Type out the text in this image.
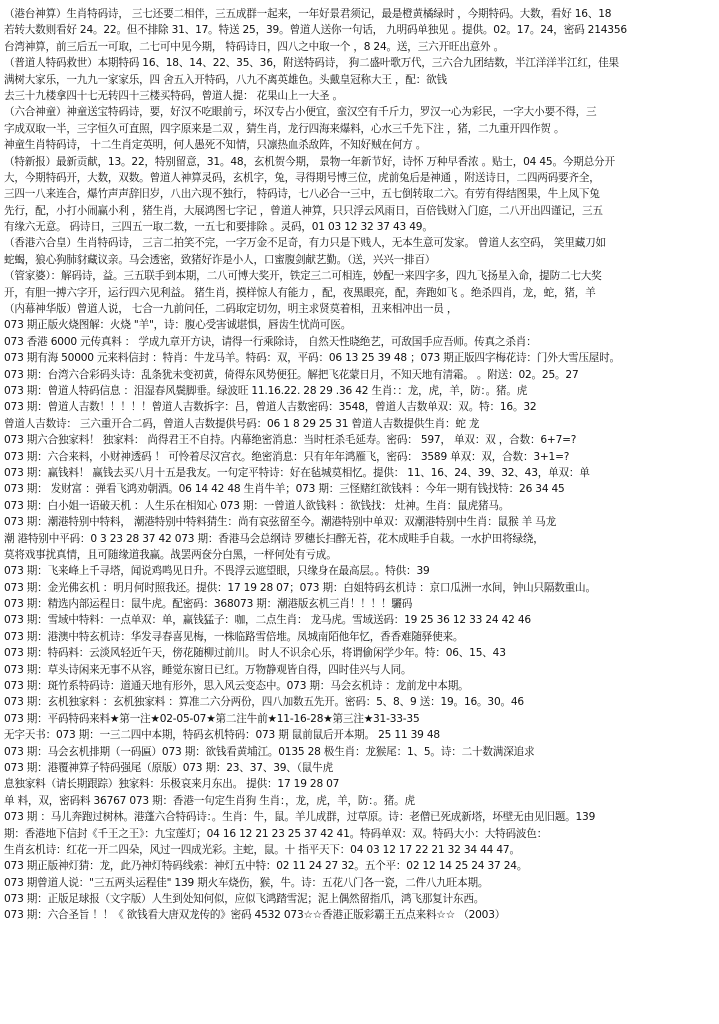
（港台神算）生肖特码诗， 三七还要二相伴，三五成群一起来，一年好景君须记，最是橙黄橘绿时 ，今期特码。大数，看好 16、18
若转大数则看好 24。22。但不排除 31、17。特送 25，39。曾道人送你一句话， 九明码单独见 。提供。02。17。24，密码 214356
台湾神算，前三后五一可取，二七可中见今期， 特码诗日，四八之中取一个 ，8 24。送，三六开旺出意外 。
（普道人特码救世）本期特码 16、18、14、22、35、36，附送特码诗， 狗二盛叶歌万代，三六合九团结数，半江洋洋半江红，佳果
满树大家乐，一九九一家家乐，四 舍五入开特码，八九不离英雄色。头戴皇冠称大王 ，配：欲钱
去三十九楼拿四十七无转四十三楼买特码，曾道人提： 花果山上一大圣 。
（六合神童）神童送宝特码诗，要，好汉不吃眼前亏，坏汉专占小便宜，蛮汉空有千斤力，罗汉一心为彩民，一字大小要不得，三
字成双取一半，三字恒久可直照，四字原来是二双 ，猜生肖，龙行四海来爆料，心水三千先下注 ，猪，二九重开四作贺 。
神童生肖特码诗， 十二生肖定英明，何人愚死不知情，只凛热血杀敌阵，不知好贼在何方 。
（特新报）最新贡献，13。22，特别留意，31。48，玄机贺今期， 景物一年新节好，诗怀 万种早香浓 。贴士，04 45。今期总分开
大，今期特码开，大数，双数。曾道人神算灵码，玄机字，兔，寻得期号博三位，虎前兔后是神通 ，附送诗日，二四两码要齐全，
三四一八来连合，爆竹声声辞旧岁，八出六现不独行， 特码诗，七八必合一三中，五七倒转取二六。有劳有得结图果，牛上凤下兔
先行，配，小打小闹赢小利 ，猪生肖，大展鸿图七字记 ，曾道人神算，只只浮云风雨日，百倍钱财入门庭，二八开出四谨记，三五
有缘六无意。 码诗日，三四五一取二数，一五七和要排除 。灵码，01 03 12 32 37 43 49。
（香港六合皇）生肖特码诗， 三言二拍笑不完，一字万金不足奇，有力只是下贱人，无本生意可发家。 曾道人玄空码， 笑里藏刀如
蛇蝎，狼心狗肺豺藏议亲。马会透密，致猪好诈是小人，口蜜腹剑献艺勤。（送，兴兴一排百）
（管家婆）：解码诗，益。三五联手到本期，二八可博大奖开，铁定三二可相连，妙配一来四字多，四九飞扬星入命，提防二七大奖
开，有胆一搏六字开，运行四六见利益。 猪生肖，摸样惊人有能力 ，配，夜黑眼亮，配，奔跑如飞 。绝杀四肖，龙，蛇，猪，羊
（内幕神华版）曾道人说， 七合一九前问任，二码取定切勿，明主求贤莫着相，丑来相冲出一员 ，
073 期正版火烧图解：火烧 "羊"，诗：腹心受害诚堪惧，唇齿生忧尚可医。
073 香港 6000 元传真料 ： 学成九章开方诀，请得一行乘除诗， 自然天性晓绝艺，可敌国手应吾师。传真之杀肖：
073 期有海 50000 元来料信封 ：特肖：牛龙马羊。特码：双，平码：06 13 25 39 48 ；073 期正版四字梅花诗：门外大雪压屋时。
073 期：台湾六合彩码头诗：乱条犹未变初黄，倚得东风势便狂。解把飞花蒙日月，不知天地有清霜。 。附送：02。25。27
073 期：曾道人特码信息 ：泪湿春风鬓脚垂。绿波旺 11.16.22. 28 29 .36 42 生肖：：龙，虎，羊，防：。猪。虎
073 期：曾道人吉数！！！！！曾道人吉数拆字：吕，曾道人吉数密码：3548，曾道人吉数单双：双。特：16。32
曾道人吉数诗： 三六重开合二码，曾道人吉数提供号码：06 1 8 29 25 31 曾道人吉数提供生肖：蛇 龙
073 期六合独家料！ 独家料： 尚得君王不自持。内幕绝密消息：当时枉杀毛延寿。密码： 597， 单双：双 ，合数：6+7=?
073 期：六合来料，小财神透码 ！ 可怜着尽汉宫衣。绝密消息：只有年年鸿雁飞，密码： 3589 单双：双，合数：3+1=?
073 期：赢钱料！ 赢钱去买八月十五是我友。一句定平特诗：好在毡城莫相忆。提供： 11、16、24、39、32、43，单双：单
073 期： 发财富 ：弹看飞鸿劝朝酒。06 14 42 48 生肖牛羊；073 期：三怪赌红欲钱料 ：今年一期有钱找特：26 34 45
073 期：白小姐一语破天机 ：人生乐在相知心 073 期：一曾道人欲钱料 ：欲钱找： 灶神。生肖：鼠虎猪马。
073 期：潮港特别中特料， 潮港特别中特料猜生：尚有哀弦留至今。潮港特别中单双：双潮港特别中生肖：鼠猴 羊 马龙
潮 港特别中平码：0 3 23 28 37 42 073 期：香港马会总纲诗 罗穗长扫醉无苔，花木成畦手自栽。一水护田将绿绕，
莫将戏事扰真情，且可随缘道我赢。战罢两奁分白黑，一枰何处有亏成。
073 期：飞来峰上千寻塔，闻说鸡鸣见日升。不畏浮云遮望眼，只缘身在最高层。。特供：39
073 期：金光佛玄机 ：明月何时照我还。提供：17 19 28 07；073 期：白姐特码玄机诗 ：京口瓜洲一水间，钟山只隔数重山。
073 期：精选内部运程日：鼠牛虎。配密码：368073 期：潮港版玄机三肖！！！！驪码
073 期：雪域中特料：一点单双：单，赢钱猛子：咖，二点生肖： 龙马虎。雪域送码：19 25 36 12 33 24 42 46
073 期：港澳中特玄机诗：华发寻春喜见梅，一株临路雪倍堆。凤城南陌他年忆，香香难随驿使来。
073 期：特码料：云淡风轻近午天，傍花随柳过前川。 时人不识余心乐，将谓偷闲学少年。特：06、15、43
073 期：草头诗闲来无事不从容，睡觉东窗日已红。万物静观皆自得，四时佳兴与人同。
073 期：斑竹系特码诗：道通天地有形外，思入风云变态中。073 期：马会玄机诗 ：龙前龙中本期。
073 期：玄机独家料 ：玄机独家料 ：算准二六分两份，四八加数五先开。密码：5、8、9 送：19。16。30。46
073 期：平码特码来料★第一注★02-05-07★第二注牛前★11-16-28★第三注★31-33-35
无字天书：073 期：一三二四中本期，特码玄机特码：073 期 鼠前鼠后开本期。 25 11 39 48
073 期：马会玄机排期（一码匾）073 期：欲钱看黄埔江。0135 28 极生肖：龙猴尾：1、5。诗：二十数满深追求
073 期：港覆神算子特码强尾（原版）073 期：23、37、39、（鼠牛虎
息独家料（请长期跟踪）独家料：乐极哀来月东出。 提供：17 19 28 07
单 料，双，密码料 36767 073 期：香港一句定生肖狗 生肖：，龙，虎，羊，防：。猪。虎
073 期 ：马儿奔跑过树林。港蓬六合特码诗：。生肖：牛，鼠。羊儿成群，过草原。诗：老僧已死成新塔，坏壁无由见旧题。139
期：香港地下信封《千王之王》：九宝莲灯；04 16 12 21 23 25 37 42 41。特码单双：双。特码大小：大特码波色：
生肖玄机诗：红花一开二四朵，风过一四成光彩。主蛇，鼠。十 指平天下：04 03 12 17 22 21 32 34 44 47。
073 期正版神灯猜：龙，此乃神灯特码线索：神灯五中特：02 11 24 27 32。五个平：02 12 14 25 24 37 24。
073 期曾道人说："三五两头运程佳" 139 期火车烧伤，猴，牛。诗：五花八门各一瓷，二件八九旺本期。
073 期：正版足球报（文字版）人生到处知何似，应似飞鸿踏雪泥；泥上偶然留指爪，鸿飞那复计东西。
073 期：六合圣旨 ！！《 欲钱看大唐双龙传的》密码 4532 073☆☆香港正版彩霸王五点来料☆☆ （2003）
